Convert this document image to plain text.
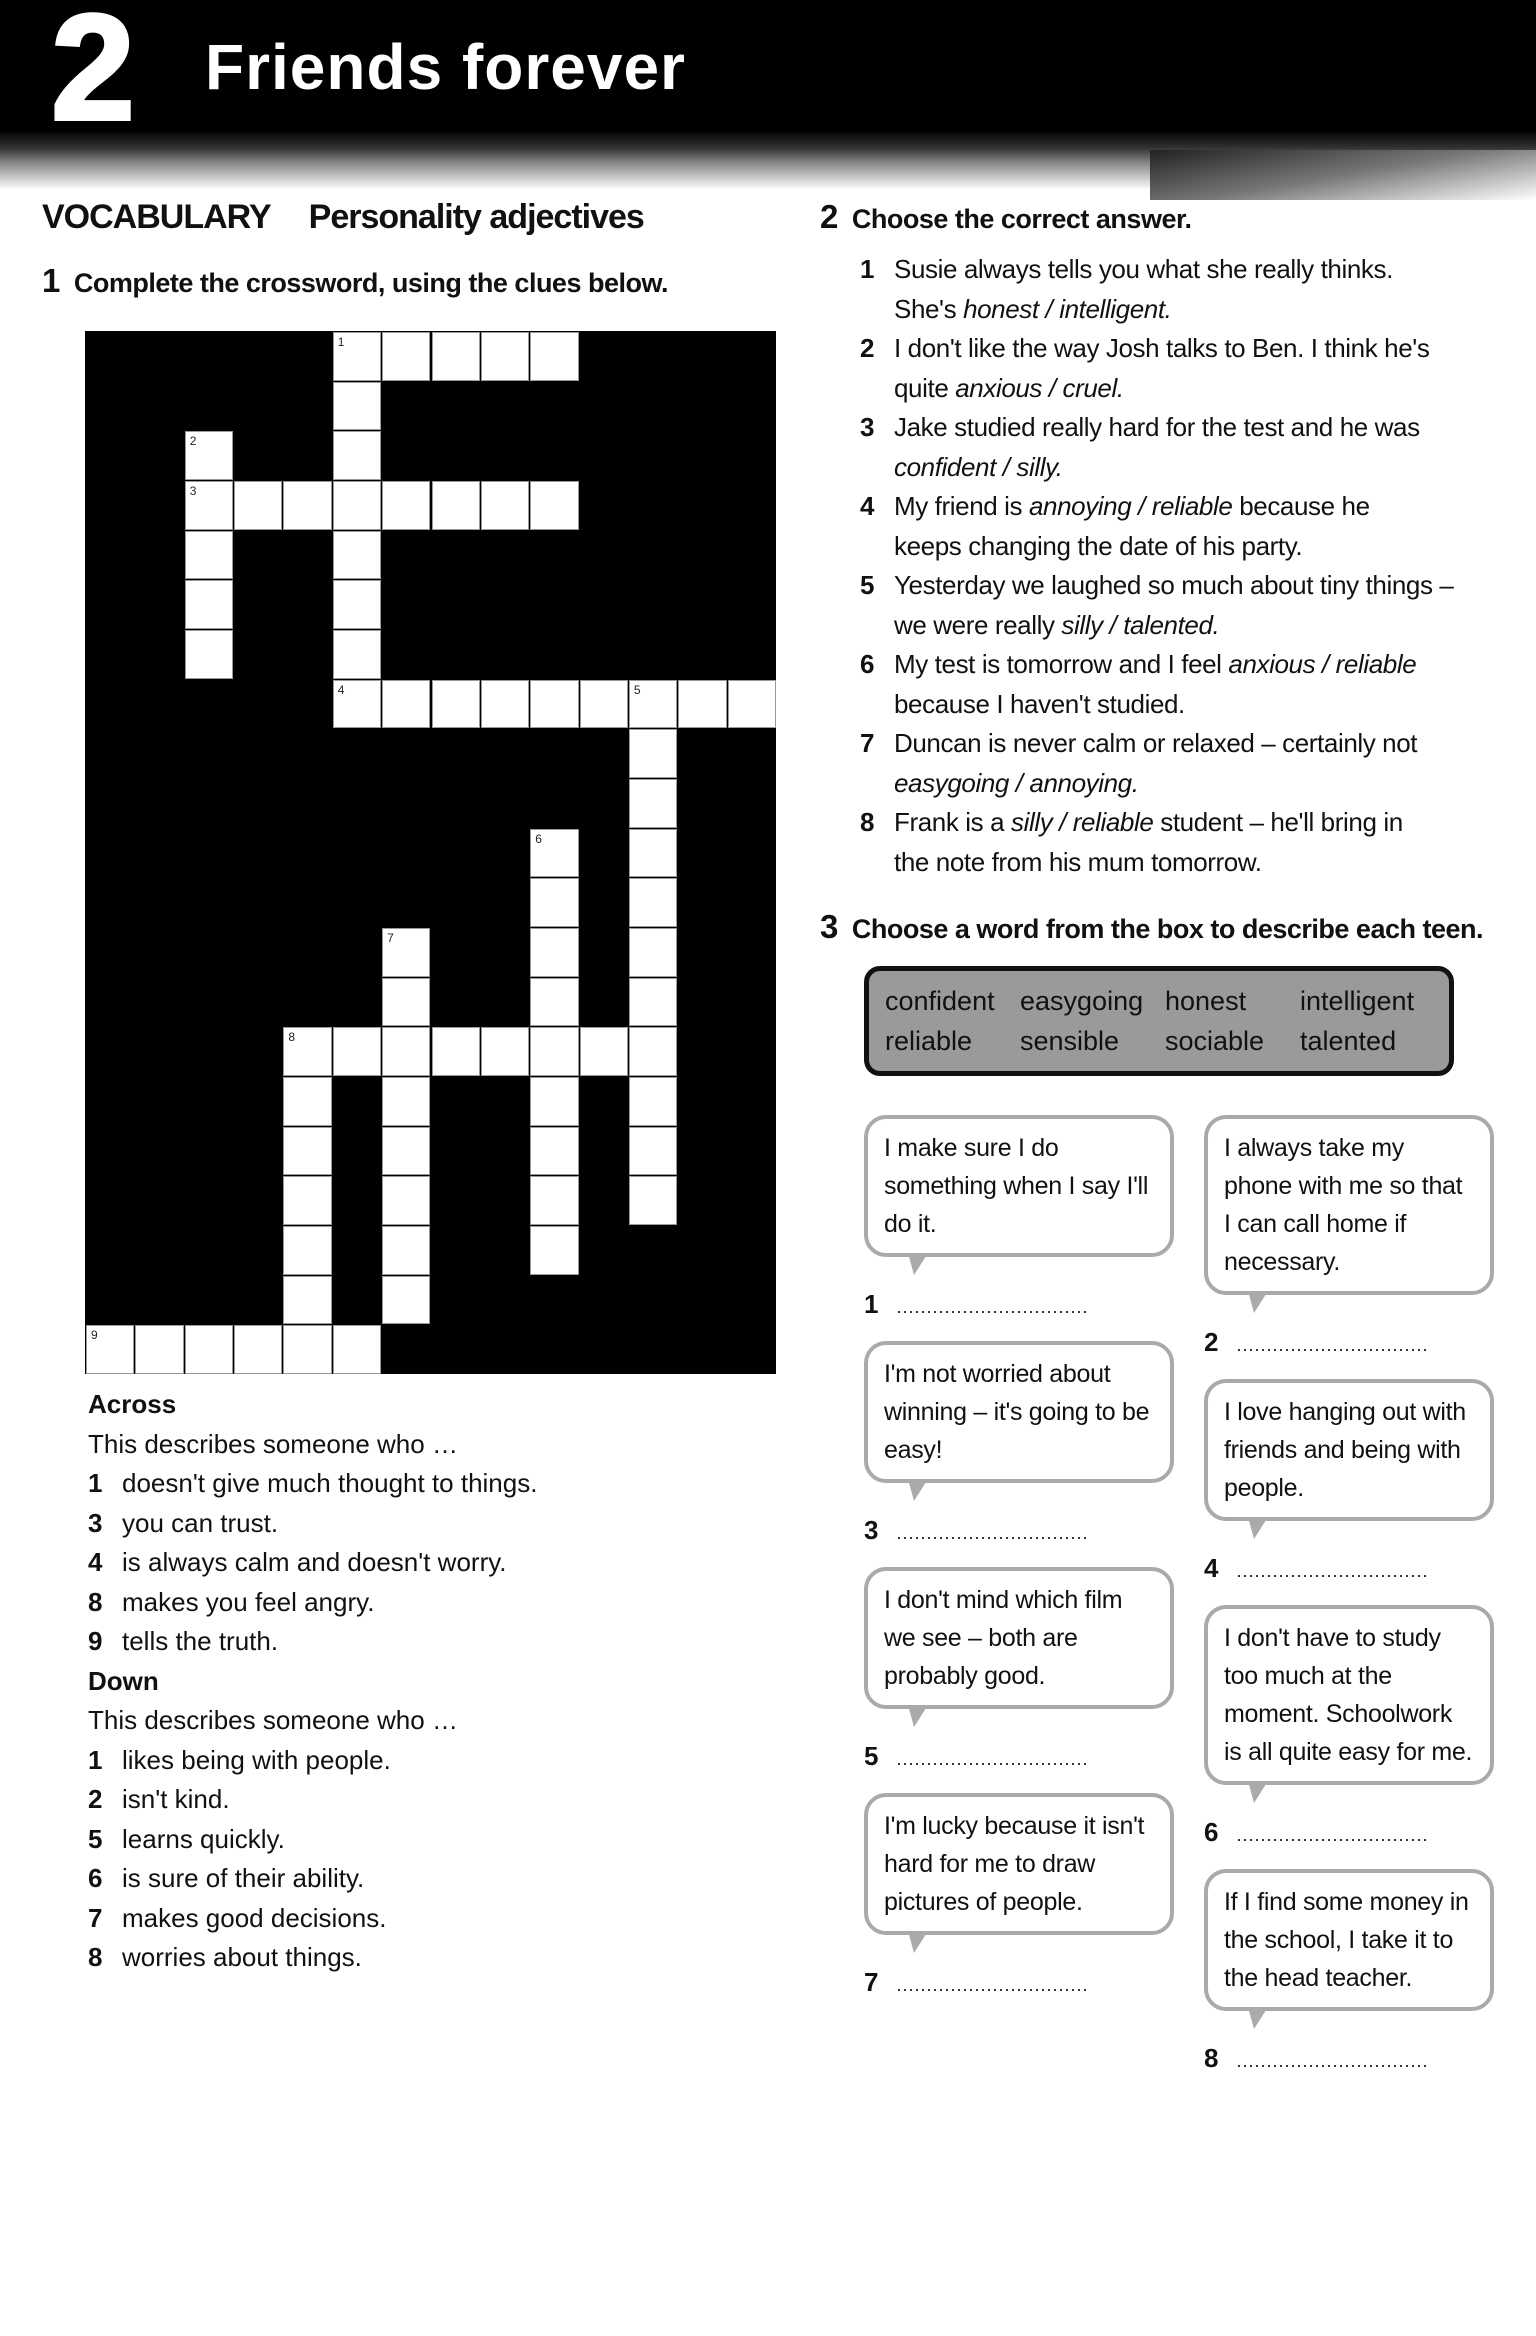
2	Friends forever
VOCABULARY Personality adjectives
1 Complete the crossword, using the clues below.
1
4
2
3
5
6
7
8
9
Across
This describes someone who …
1 doesn't give much thought to things.
3 you can trust.
4 is always calm and doesn't worry.
8 makes you feel angry.
9 tells the truth.
Down
This describes someone who …
1 likes being with people.
2 isn't kind.
5 learns quickly.
6 is sure of their ability.
7 makes good decisions.
8 worries about things.
2 Choose the correct answer.
1 Susie always tells you what she really thinks.
She's honest / intelligent.
2 I don't like the way Josh talks to Ben. I think he's
quite anxious / cruel.
3 Jake studied really hard for the test and he was
confident / silly.
4 My friend is annoying / reliable because he
keeps changing the date of his party.
5 Yesterday we laughed so much about tiny things –
we were really silly / talented.
6 My test is tomorrow and I feel anxious / reliable
because I haven't studied.
7 Duncan is never calm or relaxed – certainly not
easygoing / annoying.
8 Frank is a silly / reliable student – he'll bring in
the note from his mum tomorrow.
3 Choose a word from the box to describe each teen.
confident easygoing honest	intelligent
reliable	sensible	sociable	talented
I make sure I do something when I say I'll do it.
1 ................................
I always take my phone with me so that I can call home if necessary.
2 ................................
I'm not worried about winning – it's going to be easy!
3 ................................
I love hanging out with friends and being with people.
4 ................................
I don't mind which film we see – both are probably good.
5 ................................
I don't have to study too much at the moment. Schoolwork is all quite easy for me.
6 ................................
I'm lucky because it isn't hard for me to draw pictures of people.
7 ................................
If I find some money in the school, I take it to the head teacher.
8 ................................
